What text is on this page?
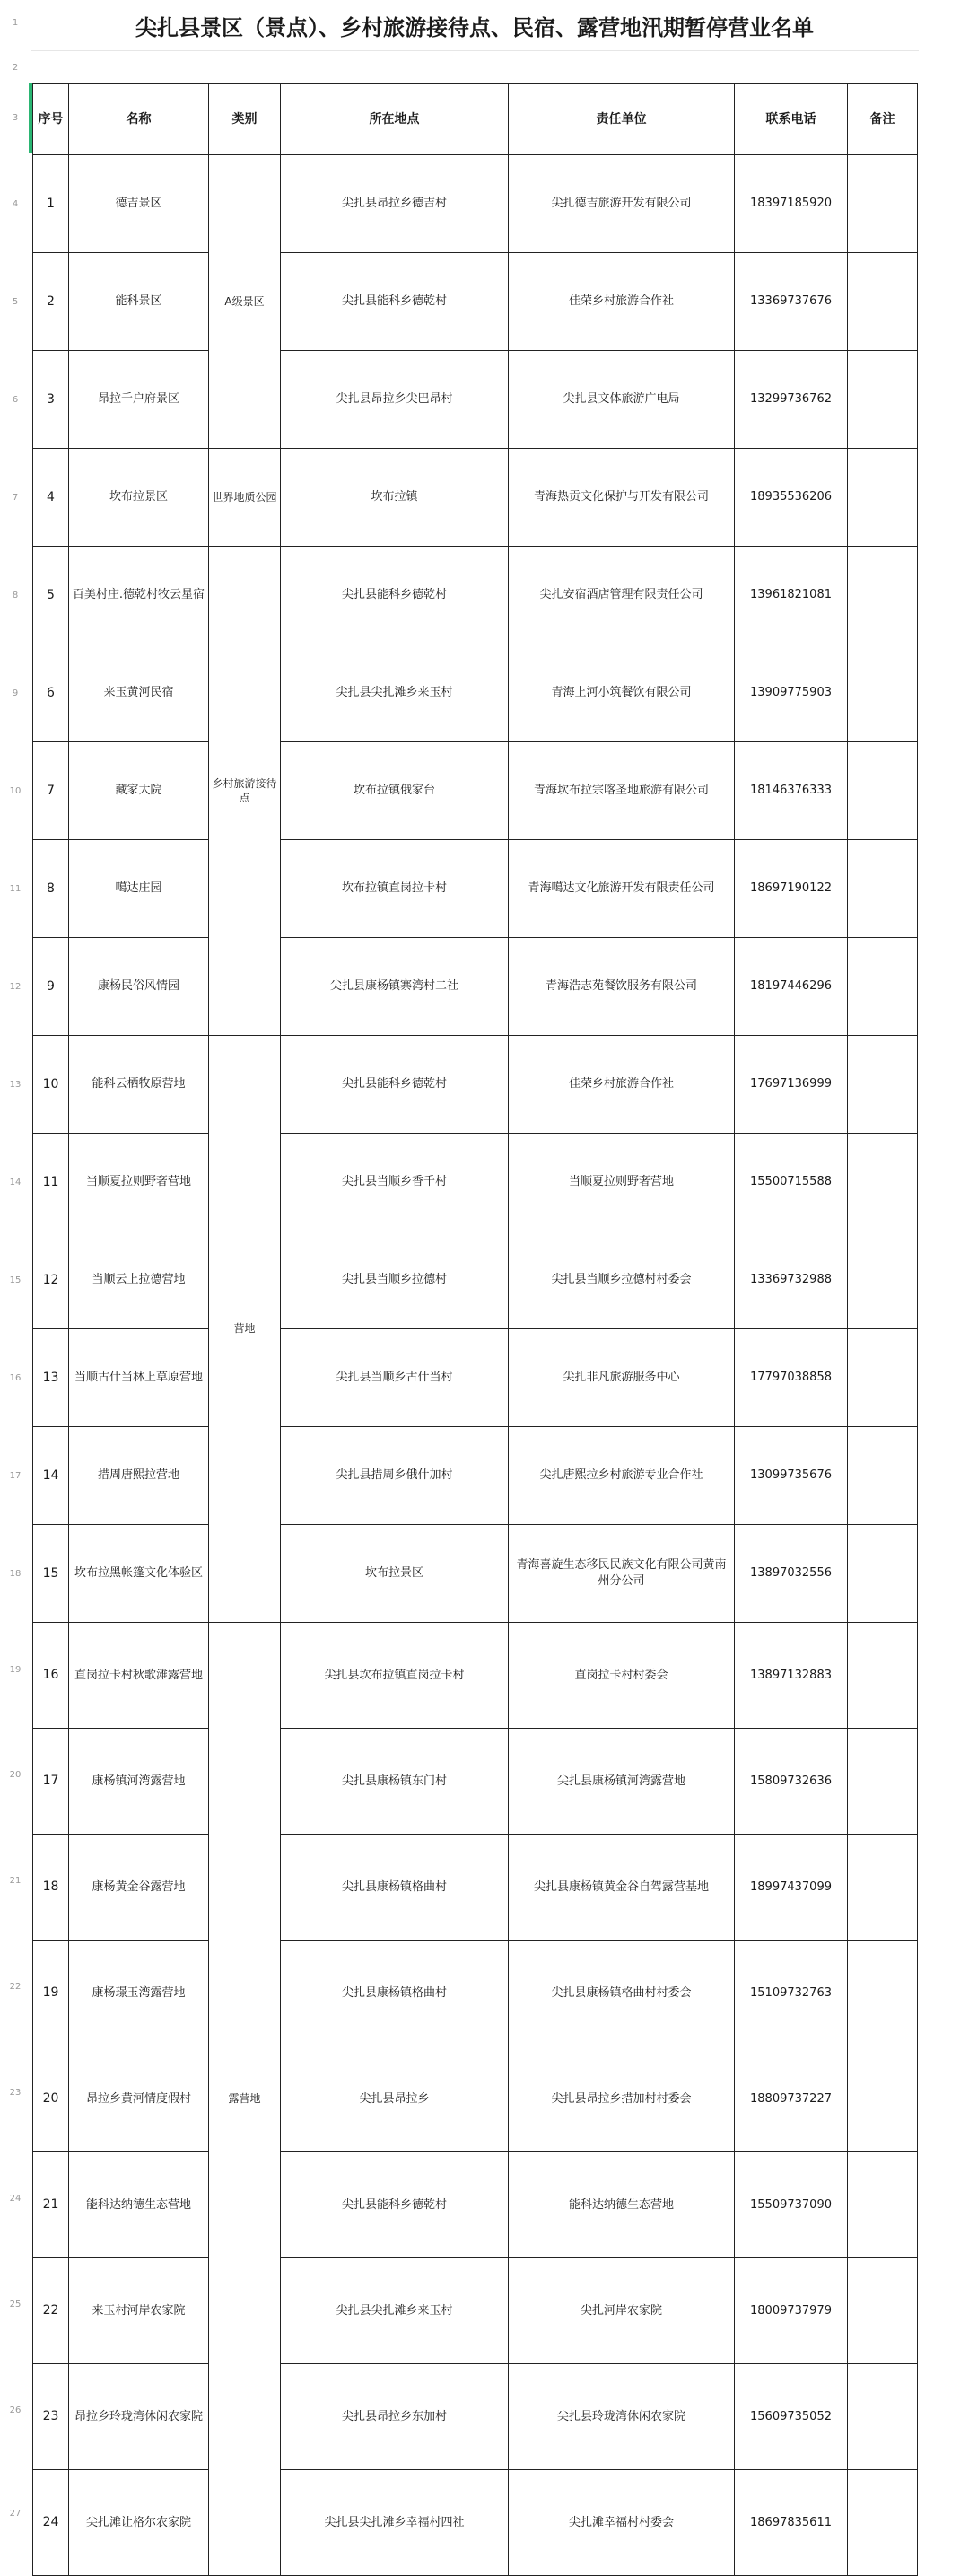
1
2
3
4
5
6
7
8
9
10
11
12
13
14
15
16
17
18
19
20
21
22
23
24
25
26
27
尖扎县景区（景点）、乡村旅游接待点、民宿、露营地汛期暂停营业名单
序号	名称	类别	所在地点	责任单位	联系电话	备注
1	德吉景区	A级景区	尖扎县昂拉乡德吉村	尖扎德吉旅游开发有限公司	18397185920	
2	能科景区		尖扎县能科乡德乾村	佳荣乡村旅游合作社	13369737676	
3	昂拉千户府景区		尖扎县昂拉乡尖巴昂村	尖扎县文体旅游广电局	13299736762	
4	坎布拉景区	世界地质公园	坎布拉镇	青海热贡文化保护与开发有限公司	18935536206	
5	百美村庄.德乾村牧云星宿	乡村旅游接待点	尖扎县能科乡德乾村	尖扎安宿酒店管理有限责任公司	13961821081	
6	来玉黄河民宿		尖扎县尖扎滩乡来玉村	青海上河小筑餐饮有限公司	13909775903	
7	藏家大院		坎布拉镇俄家台	青海坎布拉宗喀圣地旅游有限公司	18146376333	
8	噶达庄园		坎布拉镇直岗拉卡村	青海噶达文化旅游开发有限责任公司	18697190122	
9	康杨民俗风情园		尖扎县康杨镇寨湾村二社	青海浩志苑餐饮服务有限公司	18197446296	
10	能科云栖牧原营地	营地	尖扎县能科乡德乾村	佳荣乡村旅游合作社	17697136999	
11	当顺夏拉则野奢营地		尖扎县当顺乡香千村	当顺夏拉则野奢营地	15500715588	
12	当顺云上拉德营地		尖扎县当顺乡拉德村	尖扎县当顺乡拉德村村委会	13369732988	
13	当顺古什当林上草原营地		尖扎县当顺乡古什当村	尖扎非凡旅游服务中心	17797038858	
14	措周唐熙拉营地		尖扎县措周乡俄什加村	尖扎唐熙拉乡村旅游专业合作社	13099735676	
15	坎布拉黑帐篷文化体验区		坎布拉景区	青海喜旋生态移民民族文化有限公司黄南州分公司	13897032556	
16	直岗拉卡村秋歌滩露营地	露营地	尖扎县坎布拉镇直岗拉卡村	直岗拉卡村村委会	13897132883	
17	康杨镇河湾露营地		尖扎县康杨镇东门村	尖扎县康杨镇河湾露营地	15809732636	
18	康杨黄金谷露营地		尖扎县康杨镇格曲村	尖扎县康杨镇黄金谷自驾露营基地	18997437099	
19	康杨璟玉湾露营地		尖扎县康杨镇格曲村	尖扎县康杨镇格曲村村委会	15109732763	
20	昂拉乡黄河情度假村		尖扎县昂拉乡	尖扎县昂拉乡措加村村委会	18809737227	
21	能科达纳德生态营地		尖扎县能科乡德乾村	能科达纳德生态营地	15509737090	
22	来玉村河岸农家院		尖扎县尖扎滩乡来玉村	尖扎河岸农家院	18009737979	
23	昂拉乡玲珑湾休闲农家院		尖扎县昂拉乡东加村	尖扎县玲珑湾休闲农家院	15609735052	
24	尖扎滩让格尔农家院		尖扎县尖扎滩乡幸福村四社	尖扎滩幸福村村委会	18697835611	
